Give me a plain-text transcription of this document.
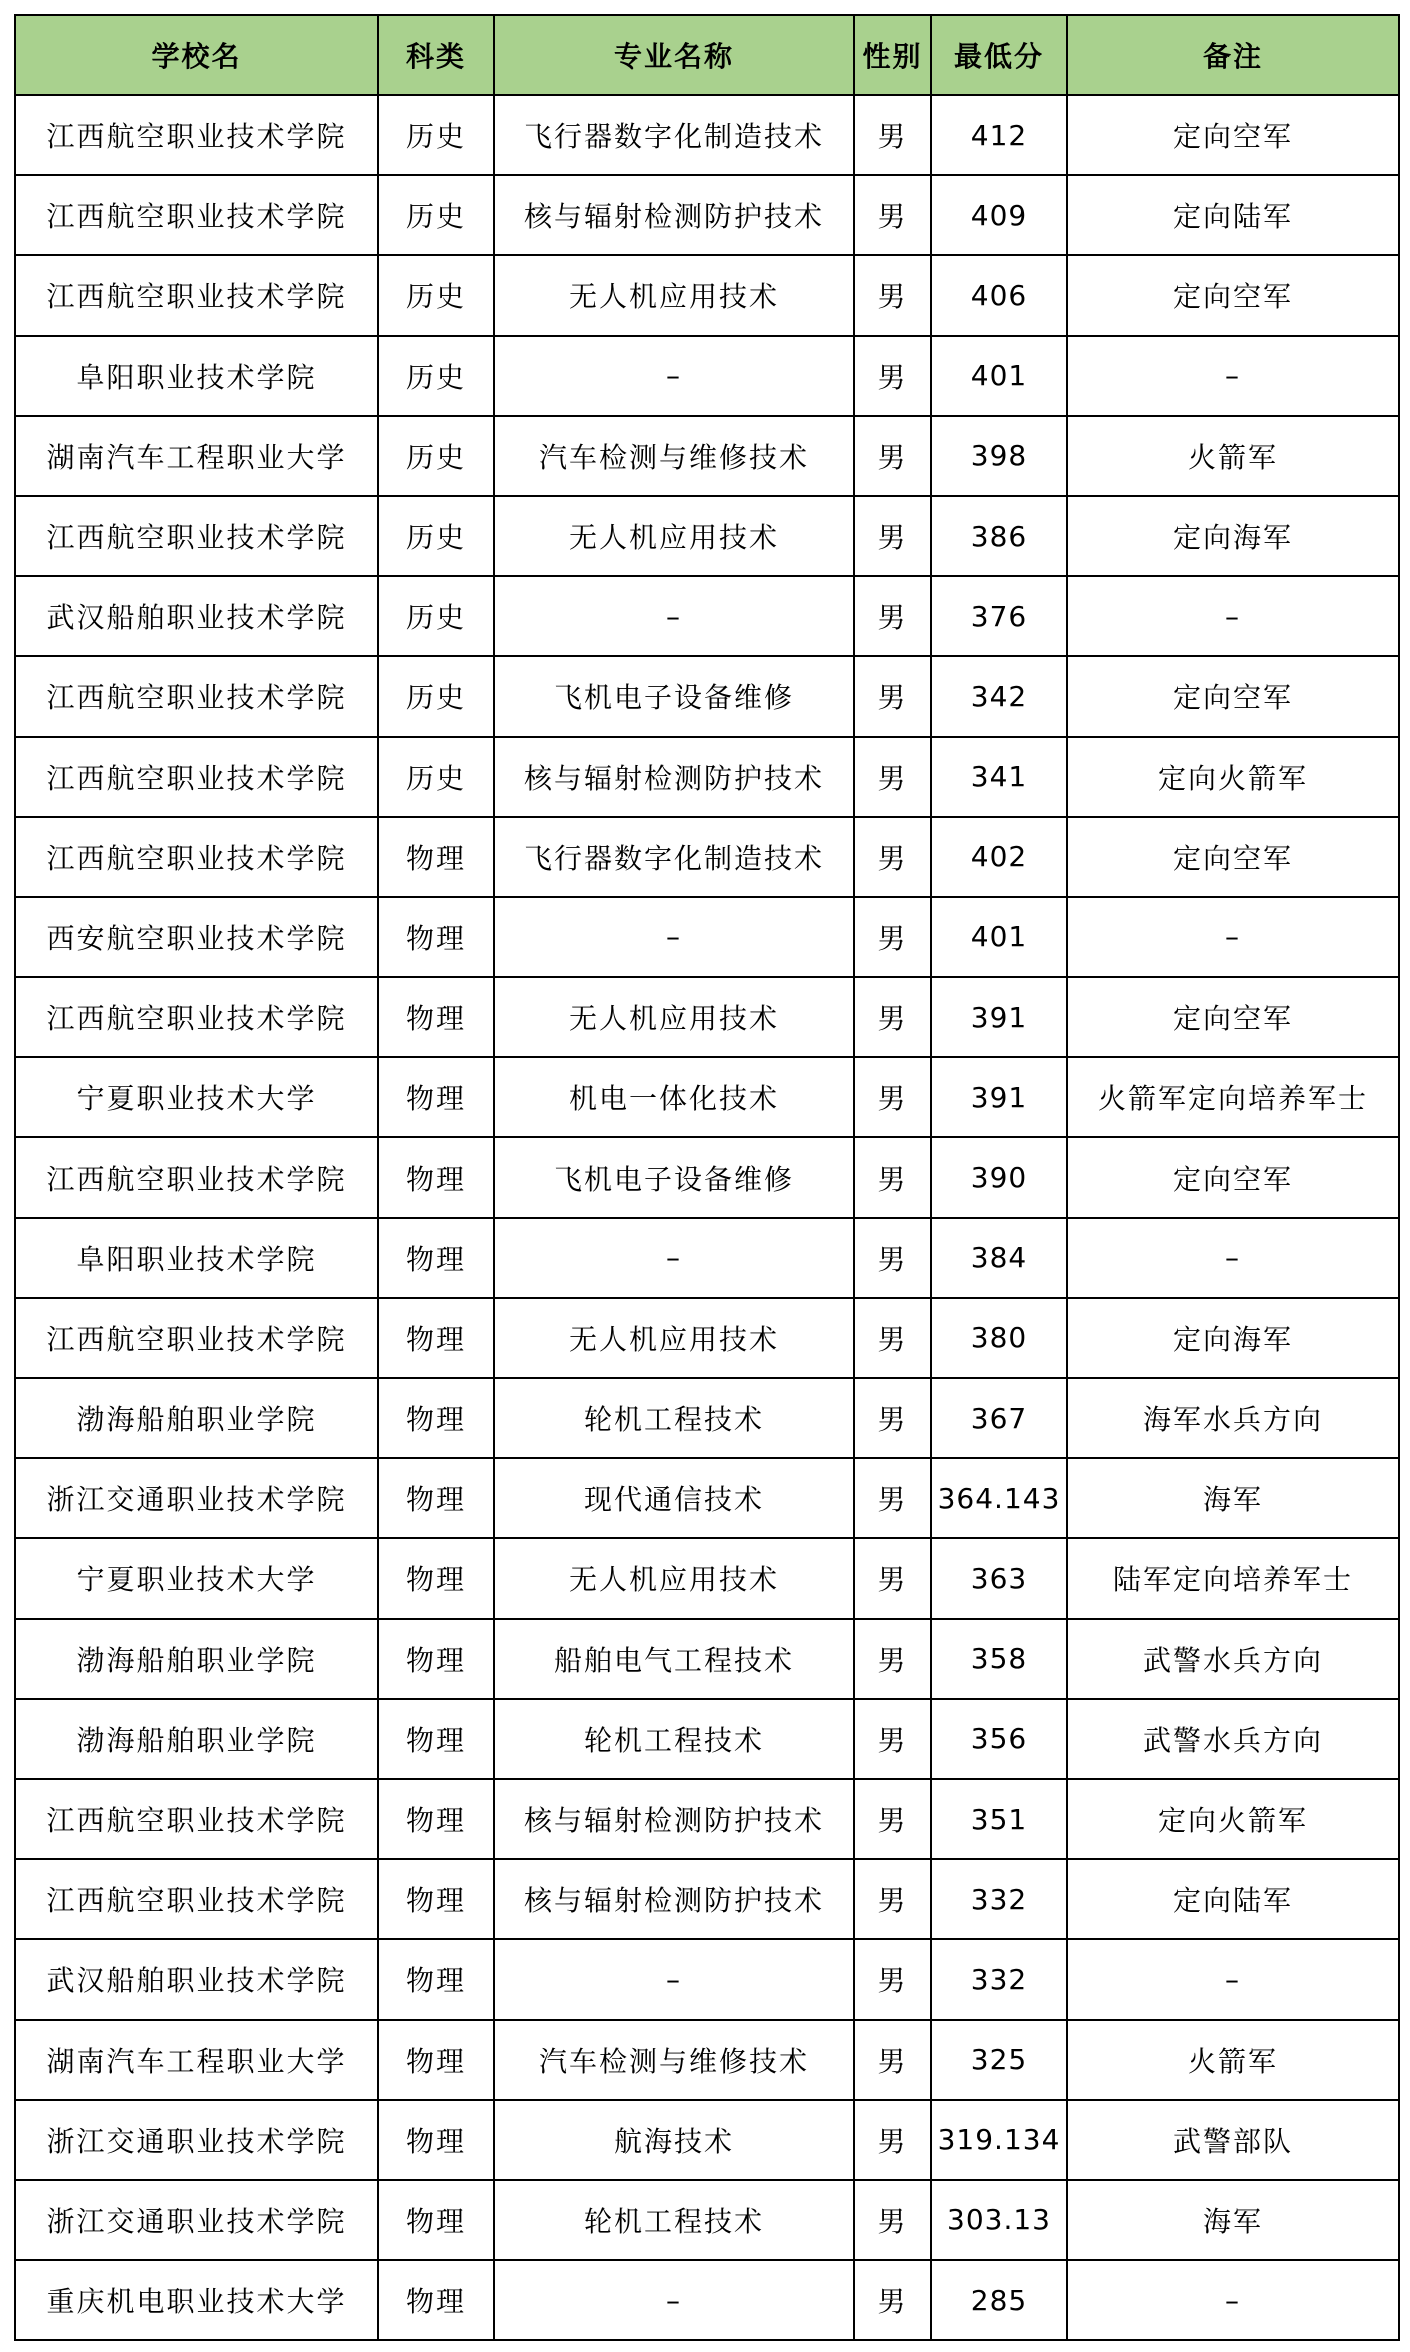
学校名	科类	专业名称	性别	最低分	备注
江西航空职业技术学院	历史	飞行器数字化制造技术	男	412	定向空军
江西航空职业技术学院	历史	核与辐射检测防护技术	男	409	定向陆军
江西航空职业技术学院	历史	无人机应用技术	男	406	定向空军
阜阳职业技术学院	历史	–	男	401	–
湖南汽车工程职业大学	历史	汽车检测与维修技术	男	398	火箭军
江西航空职业技术学院	历史	无人机应用技术	男	386	定向海军
武汉船舶职业技术学院	历史	–	男	376	–
江西航空职业技术学院	历史	飞机电子设备维修	男	342	定向空军
江西航空职业技术学院	历史	核与辐射检测防护技术	男	341	定向火箭军
江西航空职业技术学院	物理	飞行器数字化制造技术	男	402	定向空军
西安航空职业技术学院	物理	–	男	401	–
江西航空职业技术学院	物理	无人机应用技术	男	391	定向空军
宁夏职业技术大学	物理	机电一体化技术	男	391	火箭军定向培养军士
江西航空职业技术学院	物理	飞机电子设备维修	男	390	定向空军
阜阳职业技术学院	物理	–	男	384	–
江西航空职业技术学院	物理	无人机应用技术	男	380	定向海军
渤海船舶职业学院	物理	轮机工程技术	男	367	海军水兵方向
浙江交通职业技术学院	物理	现代通信技术	男	364.143	海军
宁夏职业技术大学	物理	无人机应用技术	男	363	陆军定向培养军士
渤海船舶职业学院	物理	船舶电气工程技术	男	358	武警水兵方向
渤海船舶职业学院	物理	轮机工程技术	男	356	武警水兵方向
江西航空职业技术学院	物理	核与辐射检测防护技术	男	351	定向火箭军
江西航空职业技术学院	物理	核与辐射检测防护技术	男	332	定向陆军
武汉船舶职业技术学院	物理	–	男	332	–
湖南汽车工程职业大学	物理	汽车检测与维修技术	男	325	火箭军
浙江交通职业技术学院	物理	航海技术	男	319.134	武警部队
浙江交通职业技术学院	物理	轮机工程技术	男	303.13	海军
重庆机电职业技术大学	物理	–	男	285	–
